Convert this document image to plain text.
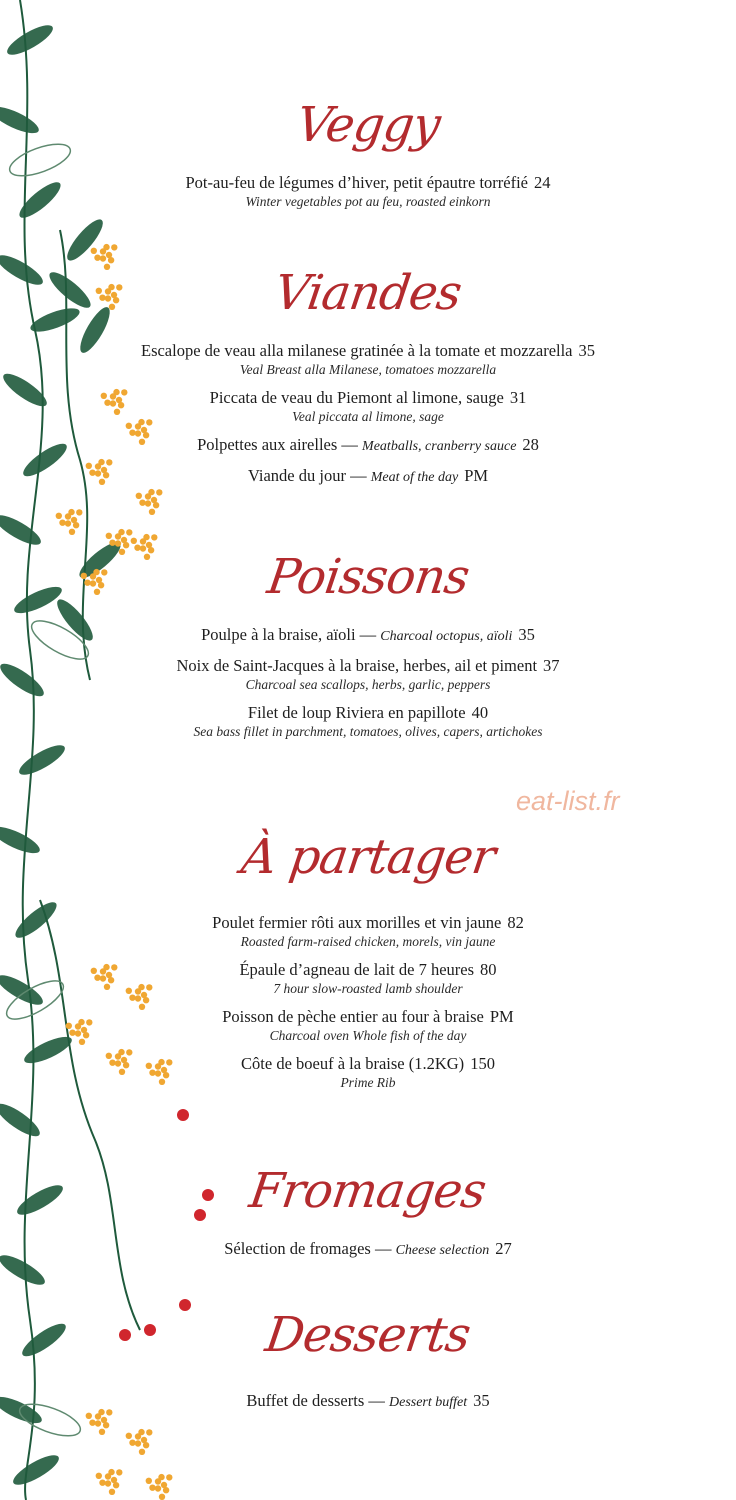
Veggy
Pot-au-feu de légumes d’hiver, petit épautre torréfié 24
Winter vegetables pot au feu, roasted einkorn
Viandes
Escalope de veau alla milanese gratinée à la tomate et mozzarella 35
Veal Breast alla Milanese, tomatoes mozzarella
Piccata de veau du Piemont al limone, sauge 31
Veal piccata al limone, sage
Polpettes aux airelles — Meatballs, cranberry sauce 28
Viande du jour — Meat of the day PM
Poissons
Poulpe à la braise, aïoli — Charcoal octopus, aïoli 35
Noix de Saint-Jacques à la braise, herbes, ail et piment 37
Charcoal sea scallops, herbs, garlic, peppers
Filet de loup Riviera en papillote 40
Sea bass fillet in parchment, tomatoes, olives, capers, artichokes
eat-list.fr
À partager
Poulet fermier rôti aux morilles et vin jaune 82
Roasted farm-raised chicken, morels, vin jaune
Épaule d’agneau de lait de 7 heures 80
7 hour slow-roasted lamb shoulder
Poisson de pèche entier au four à braise PM
Charcoal oven Whole fish of the day
Côte de boeuf à la braise (1.2KG) 150
Prime Rib
Fromages
Sélection de fromages — Cheese selection 27
Desserts
Buffet de desserts — Dessert buffet 35
